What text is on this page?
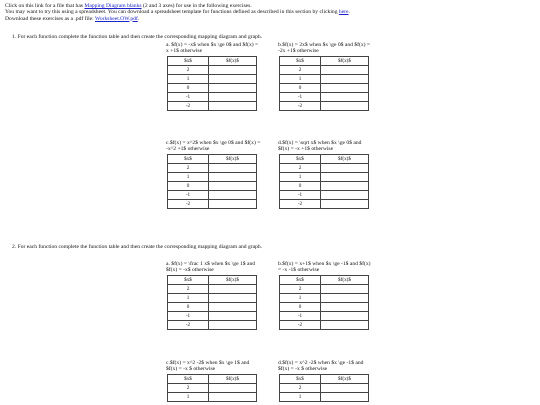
Click on this link for a file that has Mapping Diagram blanks (2 and 3 axes) for use in the following exercises.

You may want to try this using a spreadsheet. You can download a spreadsheet template for functions defined as described in this section by clicking here.

Download these exercises as a .pdf file: Worksheet.OW.pdf.

1. For each function complete the function table and then create the corresponding mapping diagram and graph.

a. $f(x) = -x$ when $x \ge 0$ and $f(x) = x +1$ otherwise
$x$	$f(x)$
2	
1	
0	
-1	
-2	
b.$f(x) = 2x$ when $x \ge 0$ and $f(x) = -2x +1$ otherwise
$x$	$f(x)$
2	
1	
0	
-1	
-2	
c.$f(x) = x^2$ when $x \ge 0$ and $f(x) = -x^2 +1$ otherwise
$x$	$f(x)$
2	
1	
0	
-1	
-2	
d.$f(x) = \sqrt x$ when $x \ge 0$ and $f(x) = -x +1$ otherwise
$x$	$f(x)$
2	
1	
0	
-1	
-2	

2. For each function complete the function table and then create the corresponding mapping diagram and graph.

a. $f(x) = \frac 1 x$ when $x \ge 1$ and $f(x) = -x$ otherwise
$x$	$f(x)$
2	
1	
0	
-1	
-2	
b.$f(x) = x+1$ when $x \ge -1$ and $f(x) = -x -1$ otherwise
$x$	$f(x)$
2	
1	
0	
-1	
-2	
c.$f(x) = x^2 -2$ when $x \ge 1$ and $f(x) = -x $ otherwise
$x$	$f(x)$
2	
1	
d.$f(x) = x^2 -2$ when $x \ge -1$ and $f(x) = -x $ otherwise
$x$	$f(x)$
2	
1	
